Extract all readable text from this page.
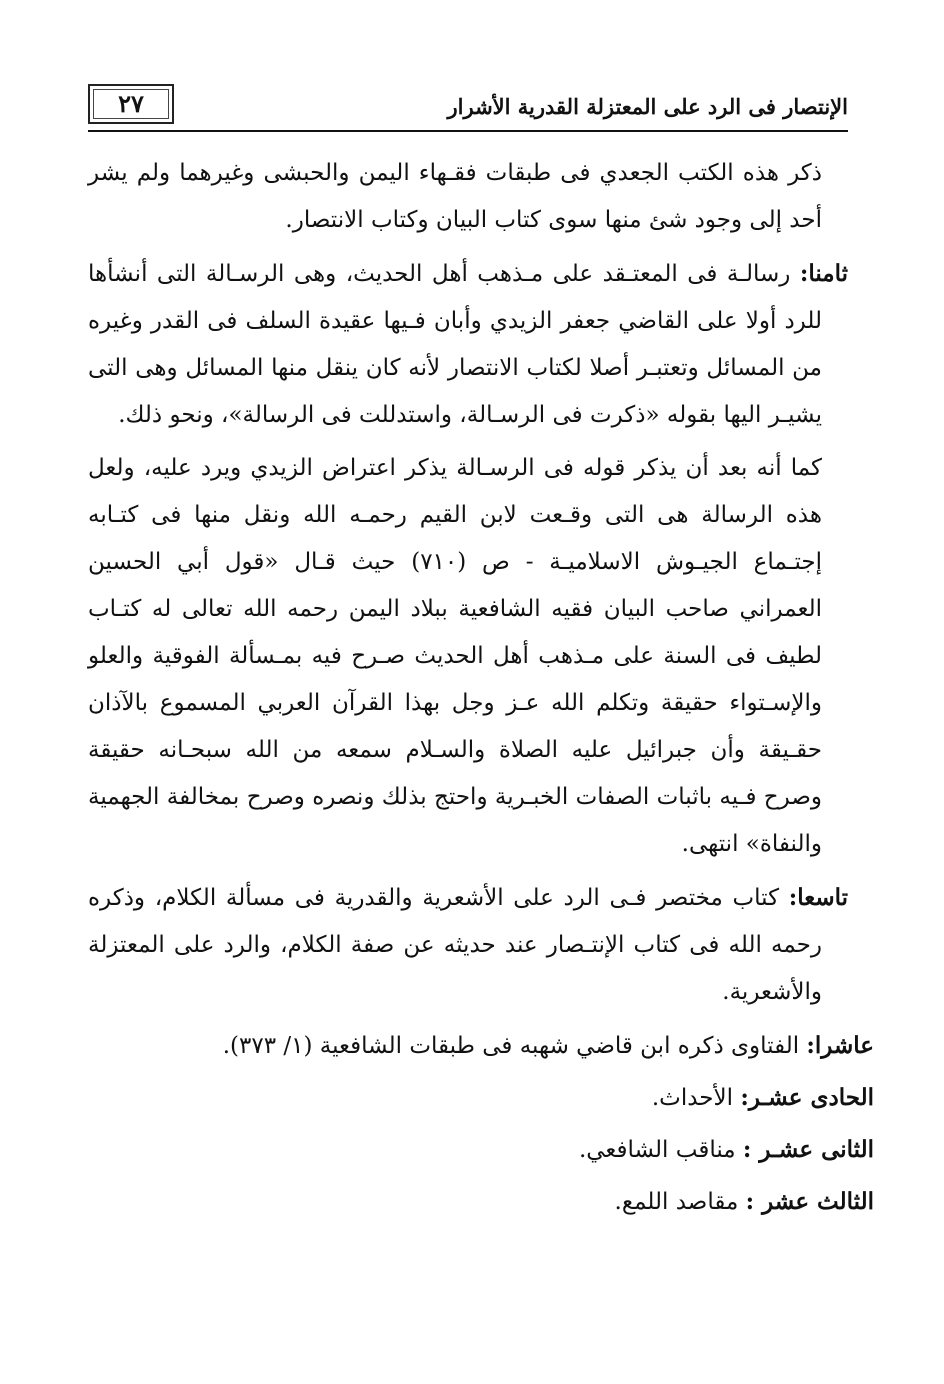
الإنتصار فى الرد على المعتزلة القدرية الأشرار
٢٧

ذكر هذه الكتب الجعدي فى طبقات فقـهاء اليمن والحبشى وغيرهما ولم يشر أحد إلى وجود شئ منها سوى كتاب البيان وكتاب الانتصار.

ثامنا: رسالـة فى المعتـقد على مـذهب أهل الحديث، وهى الرسـالة التى أنشأها للرد أولا على القاضي جعفر الزيدي وأبان فـيها عقيدة السلف فى القدر وغيره من المسائل وتعتبـر أصلا لكتاب الانتصار لأنه كان ينقل منها المسائل وهى التى يشيـر اليها بقوله «ذكرت فى الرسـالة، واستدللت فى الرسالة»، ونحو ذلك.

كما أنه بعد أن يذكر قوله فى الرسـالة يذكر اعتراض الزيدي ويرد عليه، ولعل هذه الرسالة هى التى وقـعت لابن القيم رحمـه الله ونقل منها فى كتـابه إجتـماع الجيـوش الاسلاميـة - ص (٧١٠) حيث قـال «قول أبي الحسين العمراني صاحب البيان فقيه الشافعية ببلاد اليمن رحمه الله تعالى له كتـاب لطيف فى السنة على مـذهب أهل الحديث صـرح فيه بمـسألة الفوقية والعلو والإسـتواء حقيقة وتكلم الله عـز وجل بهذا القرآن العربي المسموع بالآذان حقـيقة وأن جبرائيل عليه الصلاة والسـلام سمعه من الله سبحـانه حقيقة وصرح فـيه باثبات الصفات الخبـرية واحتج بذلك ونصره وصرح بمخالفة الجهمية والنفاة» انتهى.

تاسعا: كتاب مختصر فـى الرد على الأشعرية والقدرية فى مسألة الكلام، وذكره رحمه الله فى كتاب الإنتـصار عند حديثه عن صفة الكلام، والرد على المعتزلة والأشعرية.

عاشرا: الفتاوى ذكره ابن قاضي شهبه فى طبقات الشافعية (١/ ٣٧٣).

الحادى عشـر: الأحداث.

الثانى عشـر : مناقب الشافعي.

الثالث عشر : مقاصد اللمع.
